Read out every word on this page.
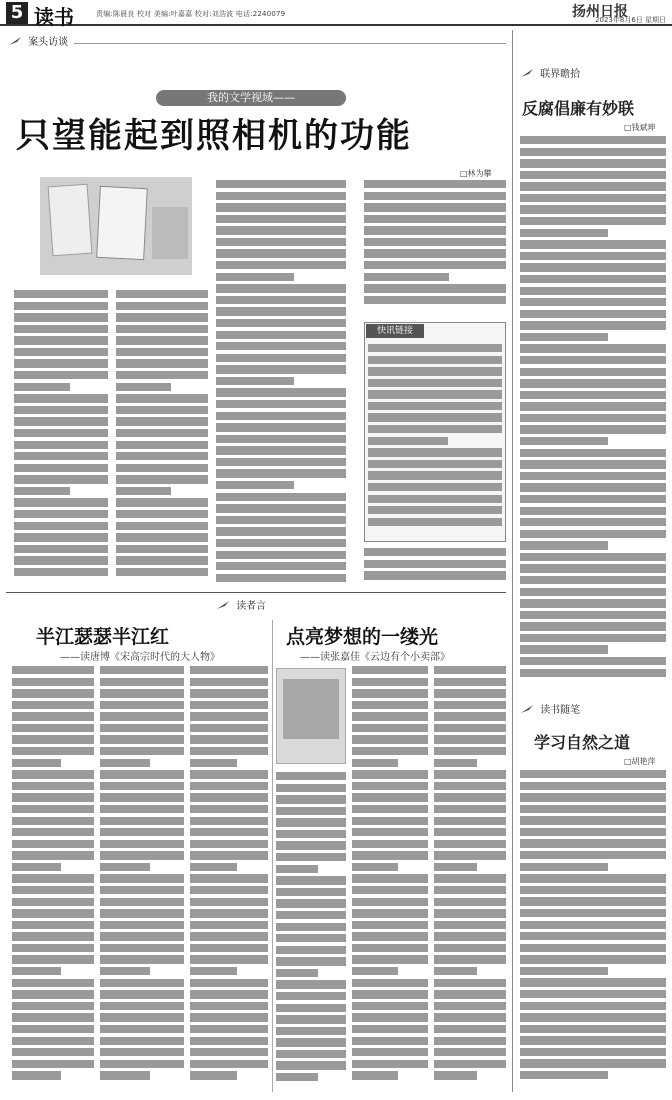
5 读书	责编:陈晨良 校对 美编:叶嘉嘉 校对:刘浩波 电话:2240079	扬州日报
2023年8月6日 星期日
案头访谈
我的文学视域——
只望能起到照相机的功能
□林为攀
快讯链接
联界瞻拾
反腐倡廉有妙联
□钱斌珅
读书随笔
学习自然之道
□胡艳萍
读者言
半江瑟瑟半江红
——读唐博《宋高宗时代的大人物》
点亮梦想的一缕光
——读张嘉佳《云边有个小卖部》
